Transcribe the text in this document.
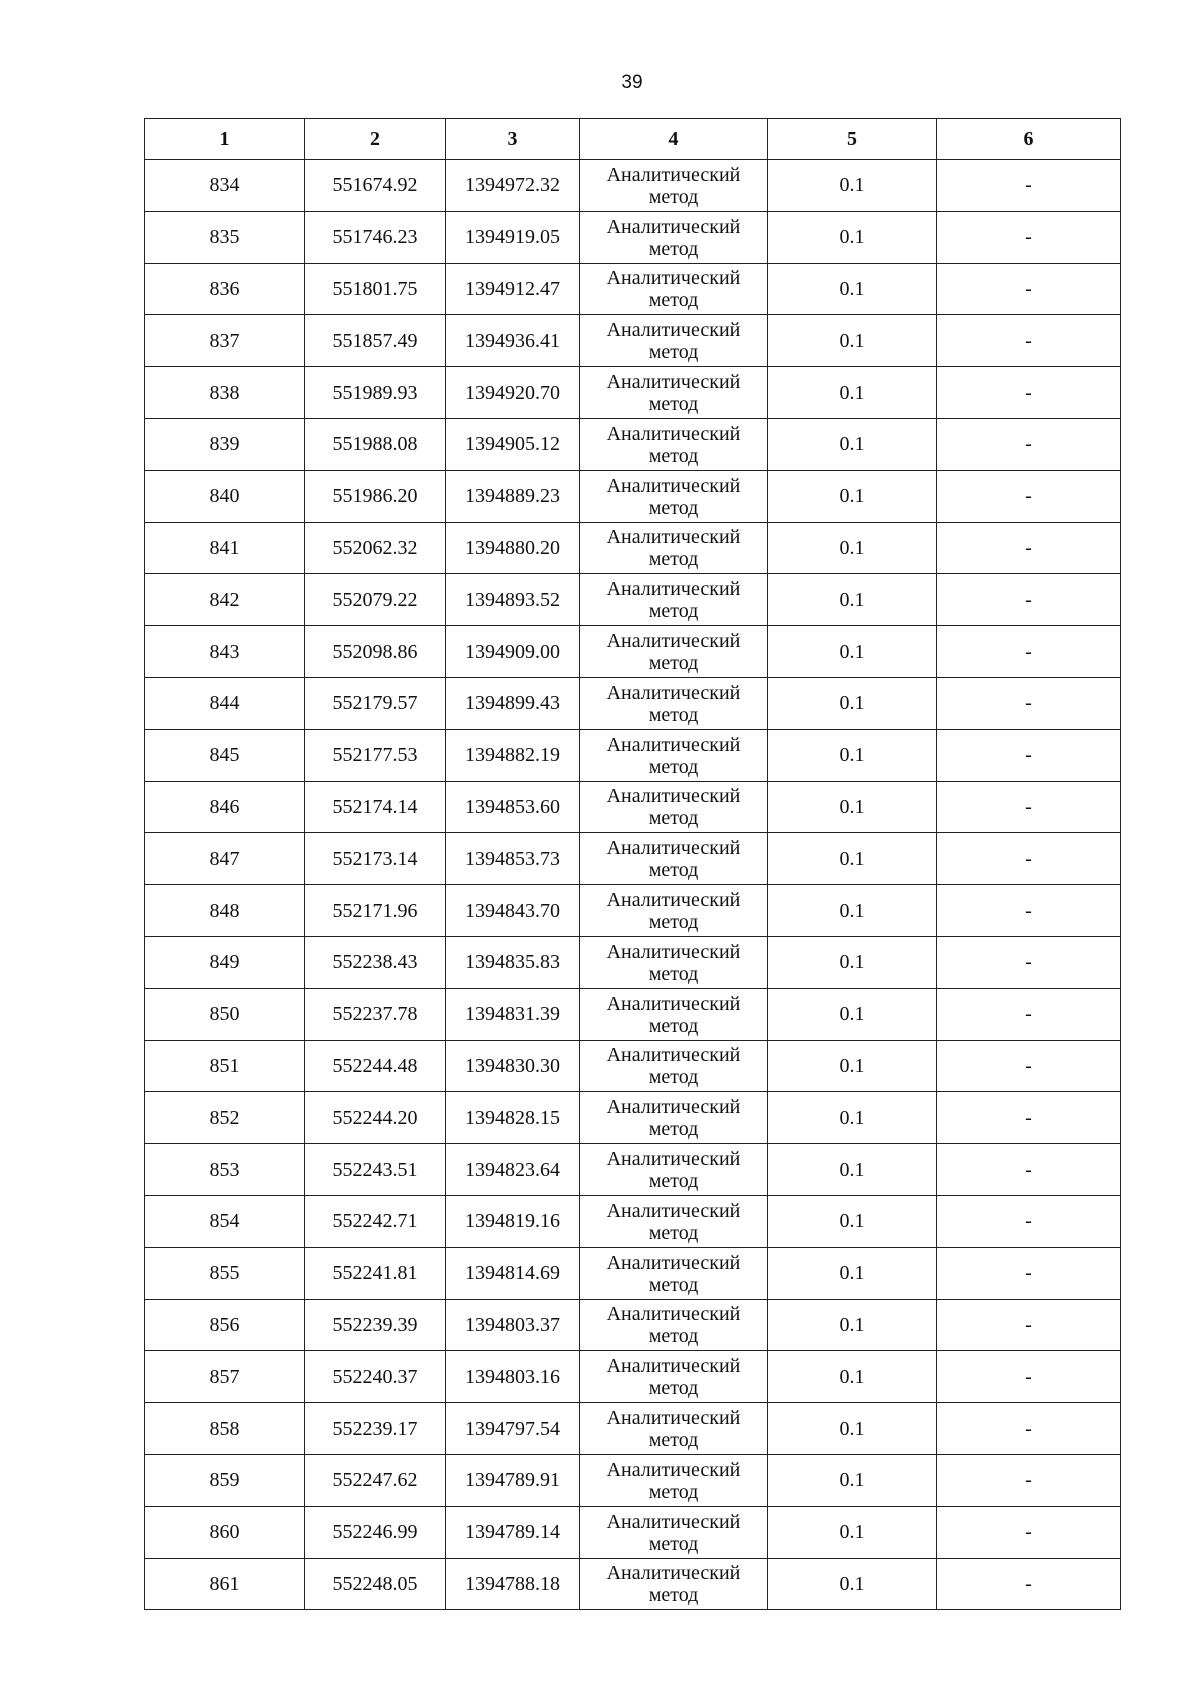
39
1	2	3	4	5	6
834	551674.92	1394972.32	Аналитический метод	0.1	-
835	551746.23	1394919.05	Аналитический метод	0.1	-
836	551801.75	1394912.47	Аналитический метод	0.1	-
837	551857.49	1394936.41	Аналитический метод	0.1	-
838	551989.93	1394920.70	Аналитический метод	0.1	-
839	551988.08	1394905.12	Аналитический метод	0.1	-
840	551986.20	1394889.23	Аналитический метод	0.1	-
841	552062.32	1394880.20	Аналитический метод	0.1	-
842	552079.22	1394893.52	Аналитический метод	0.1	-
843	552098.86	1394909.00	Аналитический метод	0.1	-
844	552179.57	1394899.43	Аналитический метод	0.1	-
845	552177.53	1394882.19	Аналитический метод	0.1	-
846	552174.14	1394853.60	Аналитический метод	0.1	-
847	552173.14	1394853.73	Аналитический метод	0.1	-
848	552171.96	1394843.70	Аналитический метод	0.1	-
849	552238.43	1394835.83	Аналитический метод	0.1	-
850	552237.78	1394831.39	Аналитический метод	0.1	-
851	552244.48	1394830.30	Аналитический метод	0.1	-
852	552244.20	1394828.15	Аналитический метод	0.1	-
853	552243.51	1394823.64	Аналитический метод	0.1	-
854	552242.71	1394819.16	Аналитический метод	0.1	-
855	552241.81	1394814.69	Аналитический метод	0.1	-
856	552239.39	1394803.37	Аналитический метод	0.1	-
857	552240.37	1394803.16	Аналитический метод	0.1	-
858	552239.17	1394797.54	Аналитический метод	0.1	-
859	552247.62	1394789.91	Аналитический метод	0.1	-
860	552246.99	1394789.14	Аналитический метод	0.1	-
861	552248.05	1394788.18	Аналитический метод	0.1	-
